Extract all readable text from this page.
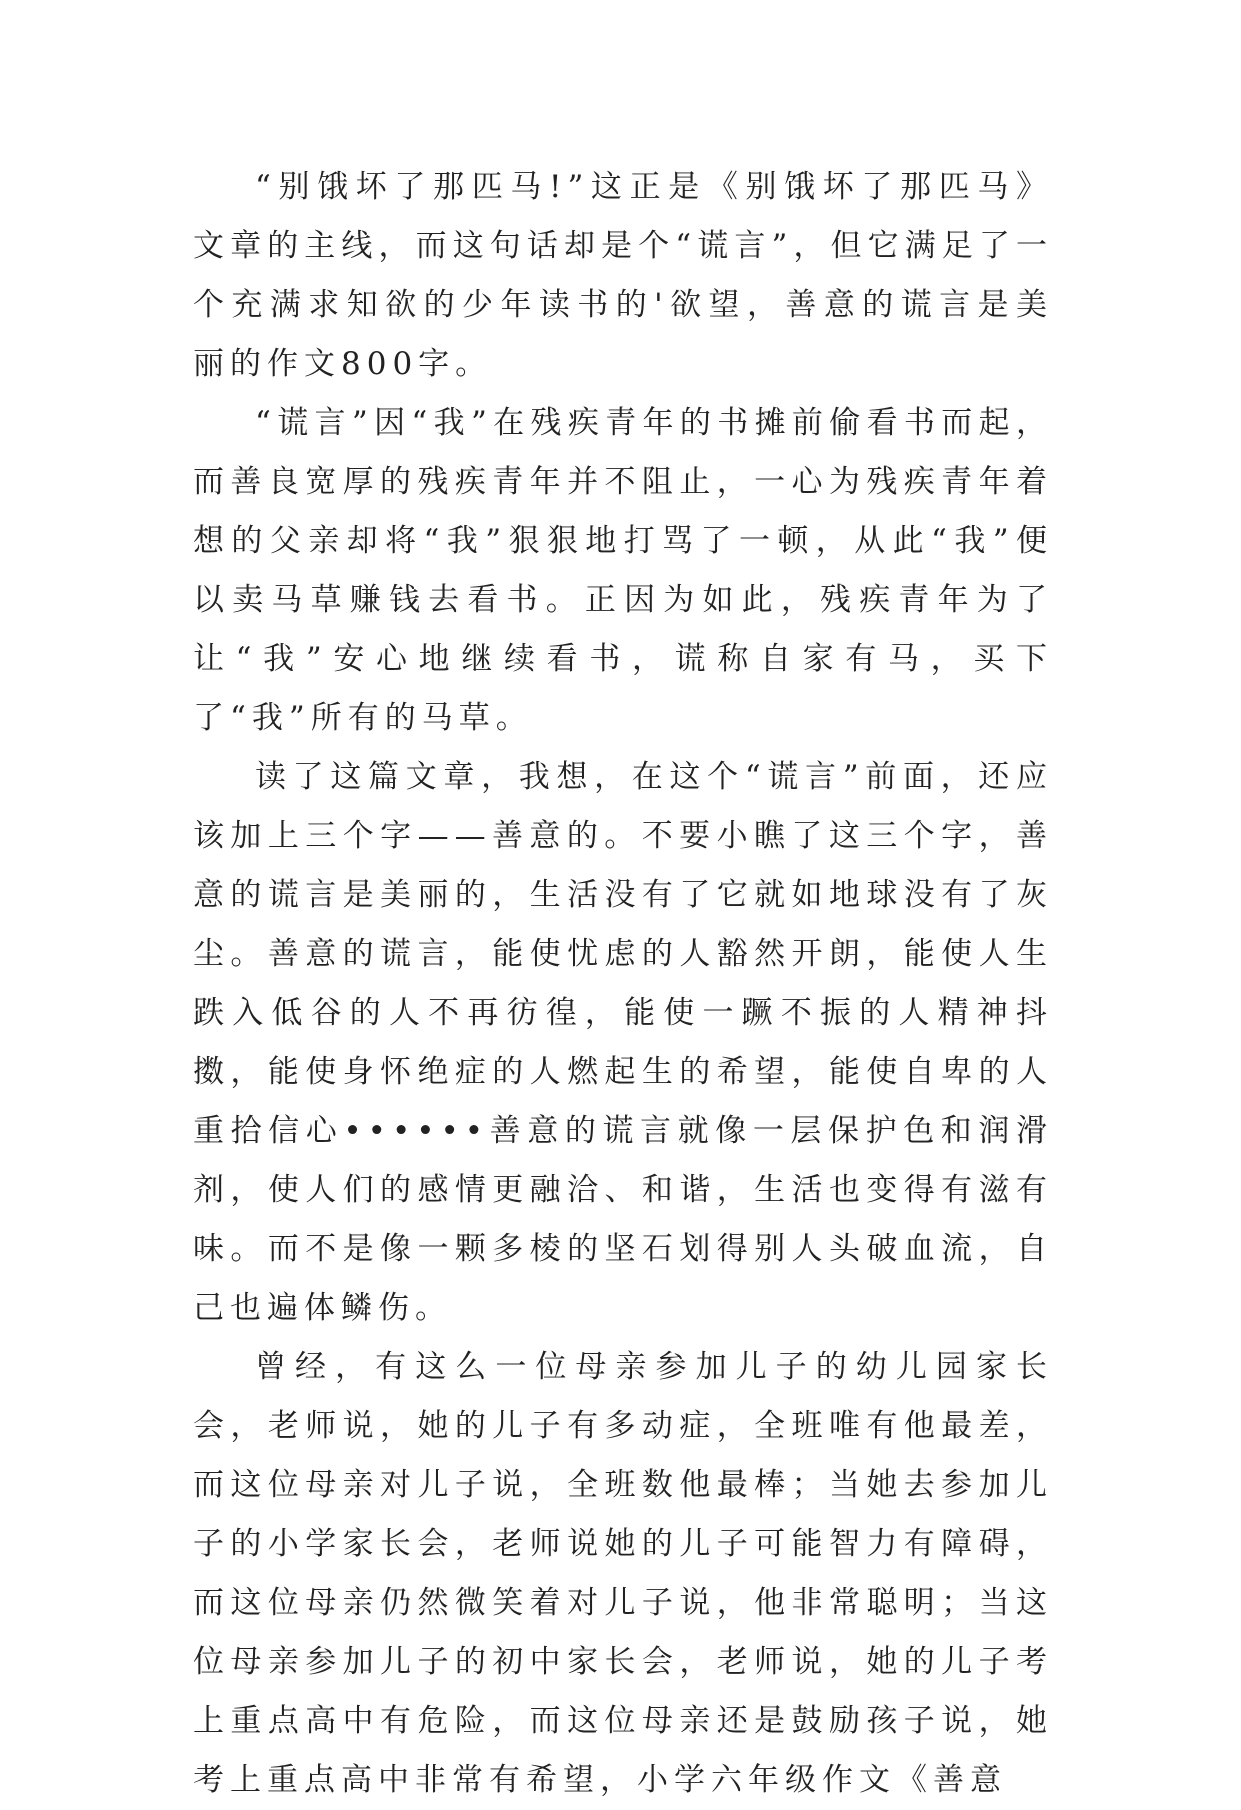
“别饿坏了那匹马!”这正是《别饿坏了那匹马》文章的主线，而这句话却是个“谎言”，但它满足了一个充满求知欲的少年读书的'欲望，善意的谎言是美丽的作文800字。

“谎言”因“我”在残疾青年的书摊前偷看书而起，而善良宽厚的残疾青年并不阻止，一心为残疾青年着想的父亲却将“我”狠狠地打骂了一顿，从此“我”便以卖马草赚钱去看书。正因为如此，残疾青年为了让“我”安心地继续看书，谎称自家有马，买下了“我”所有的马草。

读了这篇文章，我想，在这个“谎言”前面，还应该加上三个字——善意的。不要小瞧了这三个字，善意的谎言是美丽的，生活没有了它就如地球没有了灰尘。善意的谎言，能使忧虑的人豁然开朗，能使人生跌入低谷的人不再彷徨，能使一蹶不振的人精神抖擞，能使身怀绝症的人燃起生的希望，能使自卑的人重拾信心••••••善意的谎言就像一层保护色和润滑剂，使人们的感情更融洽、和谐，生活也变得有滋有味。而不是像一颗多棱的坚石划得别人头破血流，自己也遍体鳞伤。

曾经，有这么一位母亲参加儿子的幼儿园家长会，老师说，她的儿子有多动症，全班唯有他最差，而这位母亲对儿子说，全班数他最棒；当她去参加儿子的小学家长会，老师说她的儿子可能智力有障碍，而这位母亲仍然微笑着对儿子说，他非常聪明；当这位母亲参加儿子的初中家长会，老师说，她的儿子考上重点高中有危险，而这位母亲还是鼓励孩子说，她考上重点高中非常有希望，小学六年级作文《善意
